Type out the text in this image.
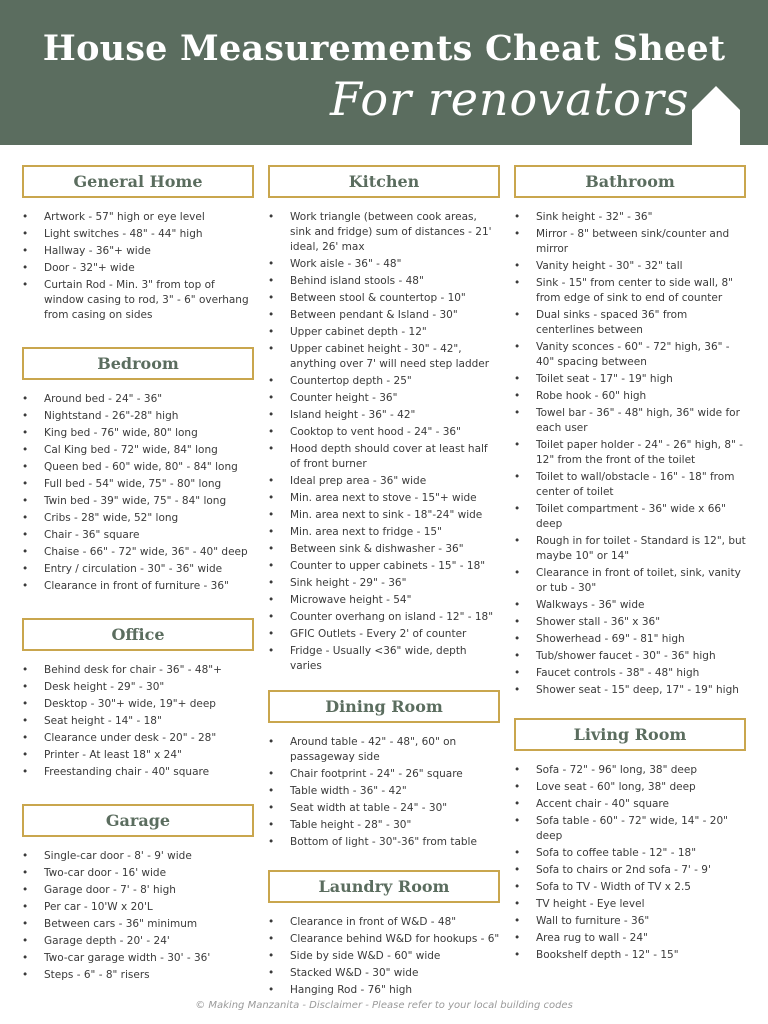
House Measurements Cheat Sheet
For renovators
General Home
• Artwork - 57" high or eye level
• Light switches - 48" - 44" high
• Hallway - 36"+ wide
• Door - 32"+ wide
• Curtain Rod - Min. 3" from top of window casing to rod, 3" - 6" overhang from casing on sides
Bedroom
• Around bed - 24" - 36"
• Nightstand - 26"-28" high
• King bed - 76" wide, 80" long
• Cal King bed - 72" wide, 84" long
• Queen bed - 60" wide, 80" - 84" long
• Full bed - 54" wide, 75" - 80" long
• Twin bed - 39" wide, 75" - 84" long
• Cribs - 28" wide, 52" long
• Chair - 36" square
• Chaise - 66" - 72" wide, 36" - 40" deep
• Entry / circulation - 30" - 36" wide
• Clearance in front of furniture - 36"
Office
• Behind desk for chair - 36" - 48"+
• Desk height - 29" - 30"
• Desktop - 30"+ wide, 19"+ deep
• Seat height - 14" - 18"
• Clearance under desk - 20" - 28"
• Printer - At least 18" x 24"
• Freestanding chair - 40" square
Garage
• Single-car door - 8' - 9' wide
• Two-car door - 16' wide
• Garage door - 7' - 8' high
• Per car - 10'W x 20'L
• Between cars - 36" minimum
• Garage depth - 20' - 24'
• Two-car garage width - 30' - 36'
• Steps - 6" - 8" risers
Kitchen
• Work triangle (between cook areas, sink and fridge) sum of distances - 21' ideal, 26' max
• Work aisle - 36" - 48"
• Behind island stools - 48"
• Between stool & countertop - 10"
• Between pendant & Island - 30"
• Upper cabinet depth - 12"
• Upper cabinet height - 30" - 42", anything over 7' will need step ladder
• Countertop depth - 25"
• Counter height - 36"
• Island height - 36" - 42"
• Cooktop to vent hood - 24" - 36"
• Hood depth should cover at least half of front burner
• Ideal prep area - 36" wide
• Min. area next to stove - 15"+ wide
• Min. area next to sink - 18"-24" wide
• Min. area next to fridge - 15"
• Between sink & dishwasher - 36"
• Counter to upper cabinets - 15" - 18"
• Sink height - 29" - 36"
• Microwave height - 54"
• Counter overhang on island - 12" - 18"
• GFIC Outlets - Every 2' of counter
• Fridge - Usually <36" wide, depth varies
Dining Room
• Around table - 42" - 48", 60" on passageway side
• Chair footprint - 24" - 26" square
• Table width - 36" - 42"
• Seat width at table - 24" - 30"
• Table height - 28" - 30"
• Bottom of light - 30"-36" from table
Laundry Room
• Clearance in front of W&D - 48"
• Clearance behind W&D for hookups - 6"
• Side by side W&D - 60" wide
• Stacked W&D - 30" wide
• Hanging Rod - 76" high
Bathroom
• Sink height - 32" - 36"
• Mirror - 8" between sink/counter and mirror
• Vanity height - 30" - 32" tall
• Sink - 15" from center to side wall, 8" from edge of sink to end of counter
• Dual sinks - spaced 36" from centerlines between
• Vanity sconces - 60" - 72" high, 36" - 40" spacing between
• Toilet seat - 17" - 19" high
• Robe hook - 60" high
• Towel bar - 36" - 48" high, 36" wide for each user
• Toilet paper holder - 24" - 26" high, 8" - 12" from the front of the toilet
• Toilet to wall/obstacle - 16" - 18" from center of toilet
• Toilet compartment - 36" wide x 66" deep
• Rough in for toilet - Standard is 12", but maybe 10" or 14"
• Clearance in front of toilet, sink, vanity or tub - 30"
• Walkways - 36" wide
• Shower stall - 36" x 36"
• Showerhead - 69" - 81" high
• Tub/shower faucet - 30" - 36" high
• Faucet controls - 38" - 48" high
• Shower seat - 15" deep, 17" - 19" high
Living Room
• Sofa - 72" - 96" long, 38" deep
• Love seat - 60" long, 38" deep
• Accent chair - 40" square
• Sofa table - 60" - 72" wide, 14" - 20" deep
• Sofa to coffee table - 12" - 18"
• Sofa to chairs or 2nd sofa - 7' - 9'
• Sofa to TV - Width of TV x 2.5
• TV height - Eye level
• Wall to furniture - 36"
• Area rug to wall - 24"
• Bookshelf depth - 12" - 15"
© Making Manzanita - Disclaimer - Please refer to your local building codes
